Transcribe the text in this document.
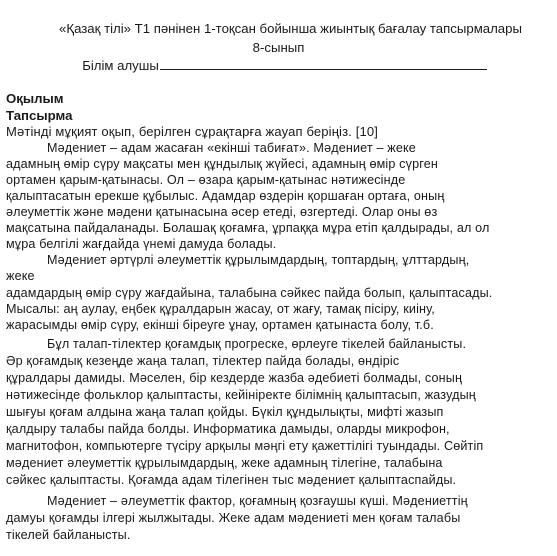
«Қазақ тілі» Т1 пәнінен 1-тоқсан бойынша жиынтық бағалау тапсырмалары
8-сынып
Білім алушы
Оқылым
Тапсырма
Мәтінді мұқият оқып, берілген сұрақтарға жауап беріңіз. [10]
Мәдениет – адам жасаған «екінші табиғат». Мәдениет – жеке
адамның өмір сүру мақсаты мен құндылық жүйесі, адамның өмір сүрген
ортамен қарым-қатынасы. Ол – өзара қарым-қатынас нәтижесінде
қалыптасатын ерекше құбылыс. Адамдар өздерін қоршаған ортаға, оның
әлеуметтік және мәдени қатынасына әсер етеді, өзгертеді. Олар оны өз
мақсатына пайдаланады. Болашақ қоғамға, ұрпаққа мұра етіп қалдырады, ал ол
мұра белгілі жағдайда үнемі дамуда болады.
Мәдениет әртүрлі әлеуметтік құрылымдардың, топтардың, ұлттардың,
жеке
адамдардың өмір сүру жағдайына, талабына сәйкес пайда болып, қалыптасады.
Мысалы: аң аулау, еңбек құралдарын жасау, от жағу, тамақ пісіру, киіну,
жарасымды өмір сүру, екінші біреуге ұнау, ортамен қатынаста болу, т.б.
Бұл талап-тілектер қоғамдық прогреске, өрлеуге тікелей байланысты.
Әр қоғамдық кезеңде жаңа талап, тілектер пайда болады, өндіріс
құралдары дамиды. Мәселен, бір кездерде жазба әдебиеті болмады, соның
нәтижесінде фольклор қалыптасты, кейініректе білімнің қалыптасып, жазудың
шығуы қоғам алдына жаңа талап қойды. Бүкіл құндылықты, мифті жазып
қалдыру талабы пайда болды. Информатика дамыды, оларды микрофон,
магнитофон, компьютерге түсіру арқылы мәңгі ету қажеттілігі туындады. Сөйтіп
мәдениет әлеуметтік құрылымдардың, жеке адамның тілегіне, талабына
сәйкес қалыптасты. Қоғамда адам тілегінен тыс мәдениет қалыптаспайды.
Мәдениет – әлеуметтік фактор, қоғамның қозғаушы күші. Мәдениеттің
дамуы қоғамды ілгері жылжытады. Жеке адам мәдениеті мен қоғам талабы
тікелей байланысты.
